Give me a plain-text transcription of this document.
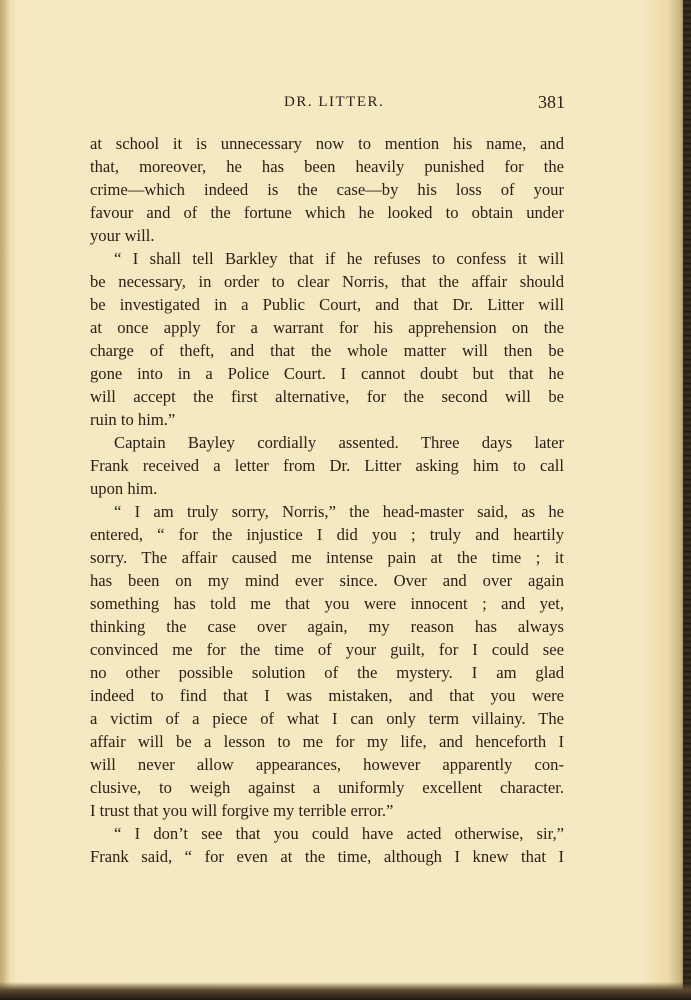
DR. LITTER.	381
at school it is unnecessary now to mention his name, and
that, moreover, he has been heavily punished for the
crime—which indeed is the case—by his loss of your
favour and of the fortune which he looked to obtain under
your will.
“ I shall tell Barkley that if he refuses to confess it will
be necessary, in order to clear Norris, that the affair should
be investigated in a Public Court, and that Dr. Litter will
at once apply for a warrant for his apprehension on the
charge of theft, and that the whole matter will then be
gone into in a Police Court. I cannot doubt but that he
will accept the first alternative, for the second will be
ruin to him.”
Captain Bayley cordially assented. Three days later
Frank received a letter from Dr. Litter asking him to call
upon him.
“ I am truly sorry, Norris,” the head-master said, as he
entered, “ for the injustice I did you ; truly and heartily
sorry. The affair caused me intense pain at the time ; it
has been on my mind ever since. Over and over again
something has told me that you were innocent ; and yet,
thinking the case over again, my reason has always
convinced me for the time of your guilt, for I could see
no other possible solution of the mystery. I am glad
indeed to find that I was mistaken, and that you were
a victim of a piece of what I can only term villainy. The
affair will be a lesson to me for my life, and henceforth I
will never allow appearances, however apparently con-
clusive, to weigh against a uniformly excellent character.
I trust that you will forgive my terrible error.”
“ I don’t see that you could have acted otherwise, sir,”
Frank said, “ for even at the time, although I knew that I
